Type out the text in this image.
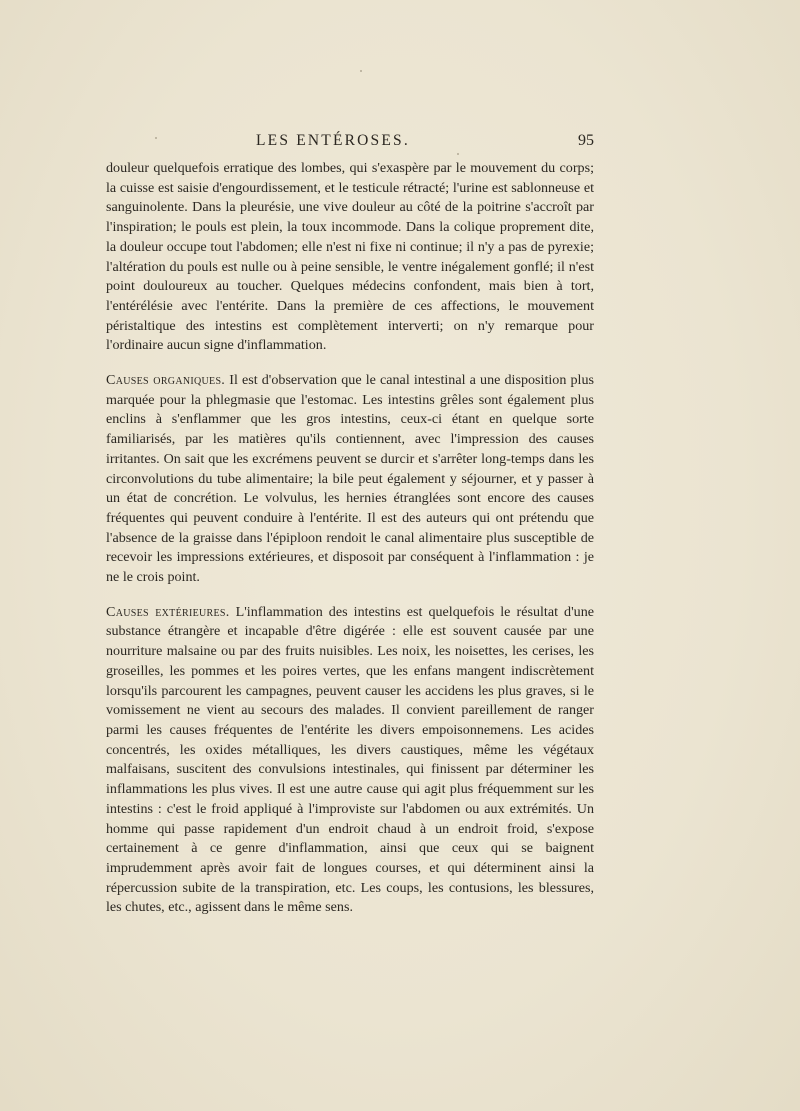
LES ENTÉROSES.	95

douleur quelquefois erratique des lombes, qui s'exaspère par le mouvement du corps; la cuisse est saisie d'engourdissement, et le testicule rétracté; l'urine est sablonneuse et sanguinolente. Dans la pleurésie, une vive douleur au côté de la poitrine s'accroît par l'inspiration; le pouls est plein, la toux incommode. Dans la colique proprement dite, la douleur occupe tout l'abdomen; elle n'est ni fixe ni continue; il n'y a pas de pyrexie; l'altération du pouls est nulle ou à peine sensible, le ventre inégalement gonflé; il n'est point douloureux au toucher. Quelques médecins confondent, mais bien à tort, l'entérélésie avec l'entérite. Dans la première de ces affections, le mouvement péristaltique des intestins est complètement interverti; on n'y remarque pour l'ordinaire aucun signe d'inflammation.

Causes organiques. Il est d'observation que le canal intestinal a une disposition plus marquée pour la phlegmasie que l'estomac. Les intestins grêles sont également plus enclins à s'enflammer que les gros intestins, ceux-ci étant en quelque sorte familiarisés, par les matières qu'ils contiennent, avec l'impression des causes irritantes. On sait que les excrémens peuvent se durcir et s'arrêter long-temps dans les circonvolutions du tube alimentaire; la bile peut également y séjourner, et y passer à un état de concrétion. Le volvulus, les hernies étranglées sont encore des causes fréquentes qui peuvent conduire à l'entérite. Il est des auteurs qui ont prétendu que l'absence de la graisse dans l'épiploon rendoit le canal alimentaire plus susceptible de recevoir les impressions extérieures, et disposoit par conséquent à l'inflammation : je ne le crois point.

Causes extérieures. L'inflammation des intestins est quelquefois le résultat d'une substance étrangère et incapable d'être digérée : elle est souvent causée par une nourriture malsaine ou par des fruits nuisibles. Les noix, les noisettes, les cerises, les groseilles, les pommes et les poires vertes, que les enfans mangent indiscrètement lorsqu'ils parcourent les campagnes, peuvent causer les accidens les plus graves, si le vomissement ne vient au secours des malades. Il convient pareillement de ranger parmi les causes fréquentes de l'entérite les divers empoisonnemens. Les acides concentrés, les oxides métalliques, les divers caustiques, même les végétaux malfaisans, suscitent des convulsions intestinales, qui finissent par déterminer les inflammations les plus vives. Il est une autre cause qui agit plus fréquemment sur les intestins : c'est le froid appliqué à l'improviste sur l'abdomen ou aux extrémités. Un homme qui passe rapidement d'un endroit chaud à un endroit froid, s'expose certainement à ce genre d'inflammation, ainsi que ceux qui se baignent imprudemment après avoir fait de longues courses, et qui déterminent ainsi la répercussion subite de la transpiration, etc. Les coups, les contusions, les blessures, les chutes, etc., agissent dans le même sens.
